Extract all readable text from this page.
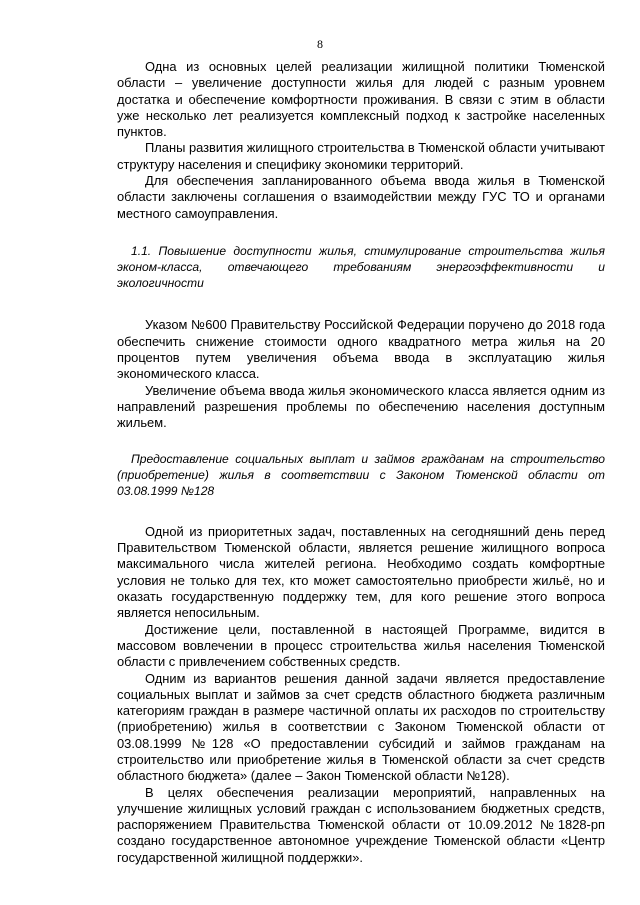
8

Одна из основных целей реализации жилищной политики Тюменской области – увеличение доступности жилья для людей с разным уровнем достатка и обеспечение комфортности проживания. В связи с этим в области уже несколько лет реализуется комплексный подход к застройке населенных пунктов.

Планы развития жилищного строительства в Тюменской области учитывают структуру населения и специфику экономики территорий.

Для обеспечения запланированного объема ввода жилья в Тюменской области заключены соглашения о взаимодействии между ГУС ТО и органами местного самоуправления.

1.1. Повышение доступности жилья, стимулирование строительства жилья эконом-класса, отвечающего требованиям энергоэффективности и экологичности

Указом №600 Правительству Российской Федерации поручено до 2018 года обеспечить снижение стоимости одного квадратного метра жилья на 20 процентов путем увеличения объема ввода в эксплуатацию жилья экономического класса.

Увеличение объема ввода жилья экономического класса является одним из направлений разрешения проблемы по обеспечению населения доступным жильем.

Предоставление социальных выплат и займов гражданам на строительство (приобретение) жилья в соответствии с Законом Тюменской области от 03.08.1999 №128

Одной из приоритетных задач, поставленных на сегодняшний день перед Правительством Тюменской области, является решение жилищного вопроса максимального числа жителей региона. Необходимо создать комфортные условия не только для тех, кто может самостоятельно приобрести жильё, но и оказать государственную поддержку тем, для кого решение этого вопроса является непосильным.

Достижение цели, поставленной в настоящей Программе, видится в массовом вовлечении в процесс строительства жилья населения Тюменской области с привлечением собственных средств.

Одним из вариантов решения данной задачи является предоставление социальных выплат и займов за счет средств областного бюджета различным категориям граждан в размере частичной оплаты их расходов по строительству (приобретению) жилья в соответствии с Законом Тюменской области от 03.08.1999 №128 «О предоставлении субсидий и займов гражданам на строительство или приобретение жилья в Тюменской области за счет средств областного бюджета» (далее – Закон Тюменской области №128).

В целях обеспечения реализации мероприятий, направленных на улучшение жилищных условий граждан с использованием бюджетных средств, распоряжением Правительства Тюменской области от 10.09.2012 №1828-рп создано государственное автономное учреждение Тюменской области «Центр государственной жилищной поддержки».
